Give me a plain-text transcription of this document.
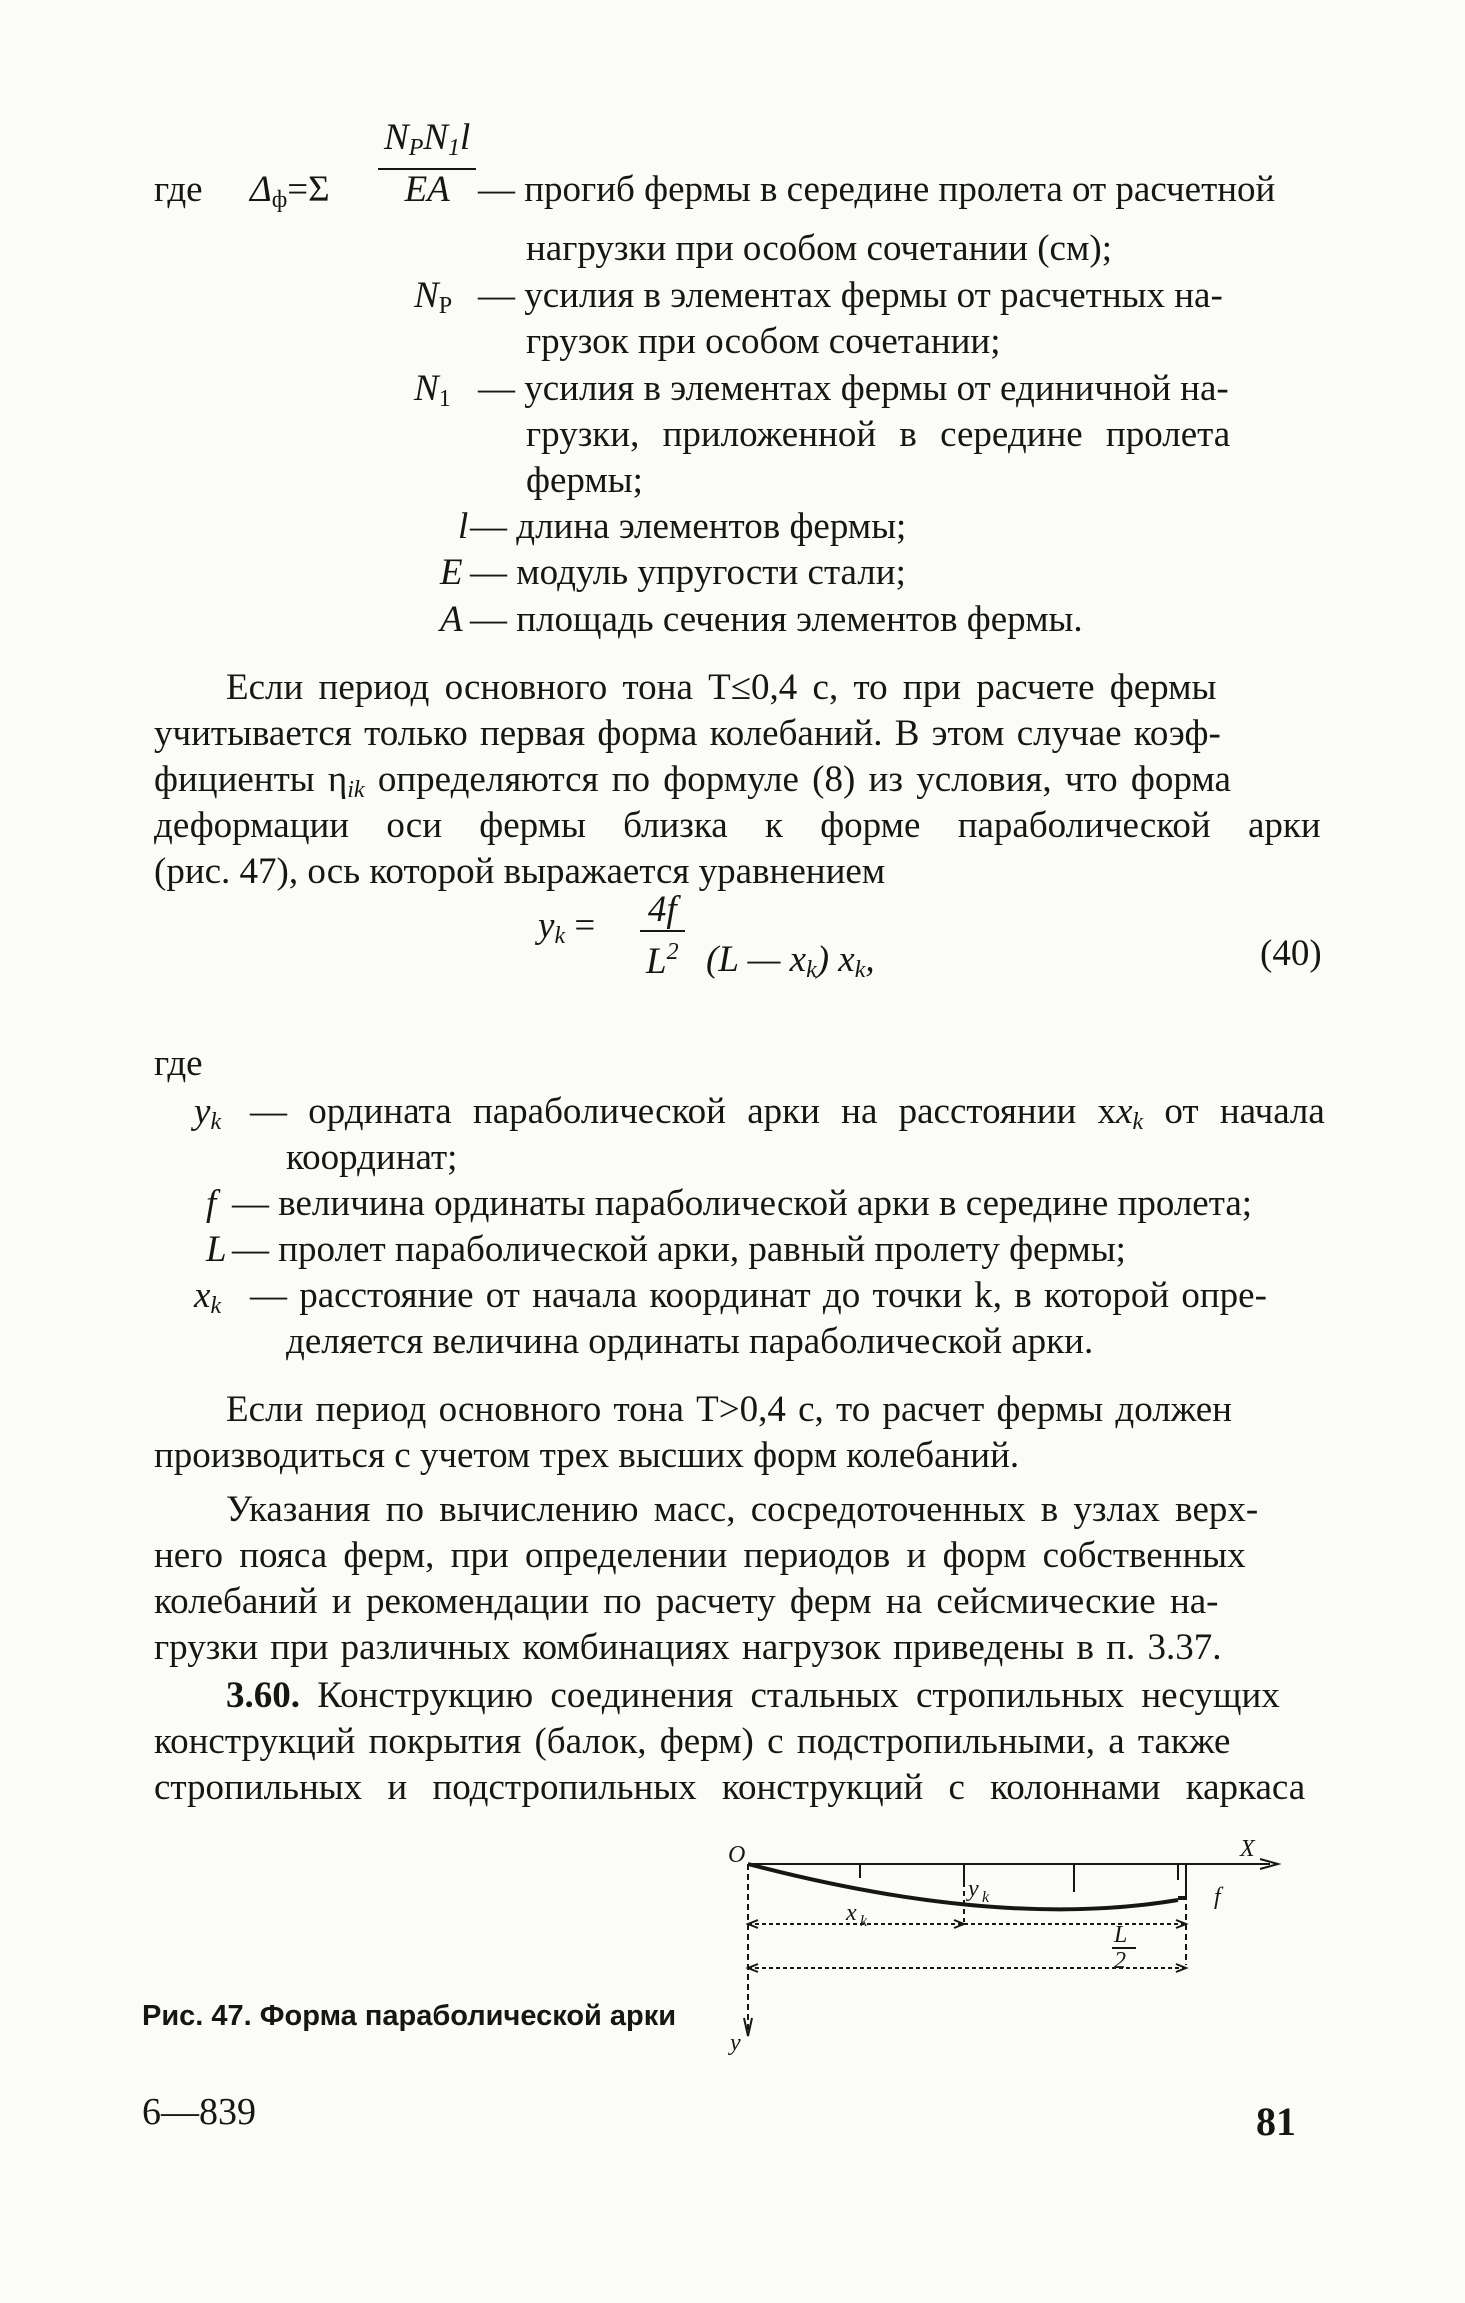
где $\Delta_ф=\Sigma \frac{N_РN_1l}{EA}$ — прогиб фермы в середине пролета от расчетной
нагрузки при особом сочетании (см);
$N_Р$ — усилия в элементах фермы от расчетных на-
грузок при особом сочетании;
$N_1$ — усилия в элементах фермы от единичной на-
грузки, приложенной в середине пролета
фермы;
l — длина элементов фермы;
E — модуль упругости стали;
A — площадь сечения элементов фермы.
Если период основного тона T≤0,4 с, то при расчете фермы
учитывается только первая форма колебаний. В этом случае коэф-
фициенты $\eta_{ik}$ определяются по формуле (8) из условия, что форма
деформации оси фермы близка к форме параболической арки
(рис. 47), ось которой выражается уравнением
$y_k = \frac{4f}{L^2} (L$ — $x_k$) $x_k$,	(40)
где
$y_k$ — ордината параболической арки на расстоянии $xx_k$ от начала
координат;
f — величина ординаты параболической арки в середине пролета;
L — пролет параболической арки, равный пролету фермы;
$x_k$ — расстояние от начала координат до точки k, в которой опре-
деляется величина ординаты параболической арки.
Если период основного тона T>0,4 с, то расчет фермы должен
производиться с учетом трех высших форм колебаний.
Указания по вычислению масс, сосредоточенных в узлах верх-
него пояса ферм, при определении периодов и форм собственных
колебаний и рекомендации по расчету ферм на сейсмические на-
грузки при различных комбинациях нагрузок приведены в п. 3.37.
3.60. Конструкцию соединения стальных стропильных несущих
конструкций покрытия (балок, ферм) с подстропильными, а также
стропильных и подстропильных конструкций с колоннами каркаса
O	X
y k
x k
f
L
2
y
Рис. 47. Форма параболической арки
6—839	81
